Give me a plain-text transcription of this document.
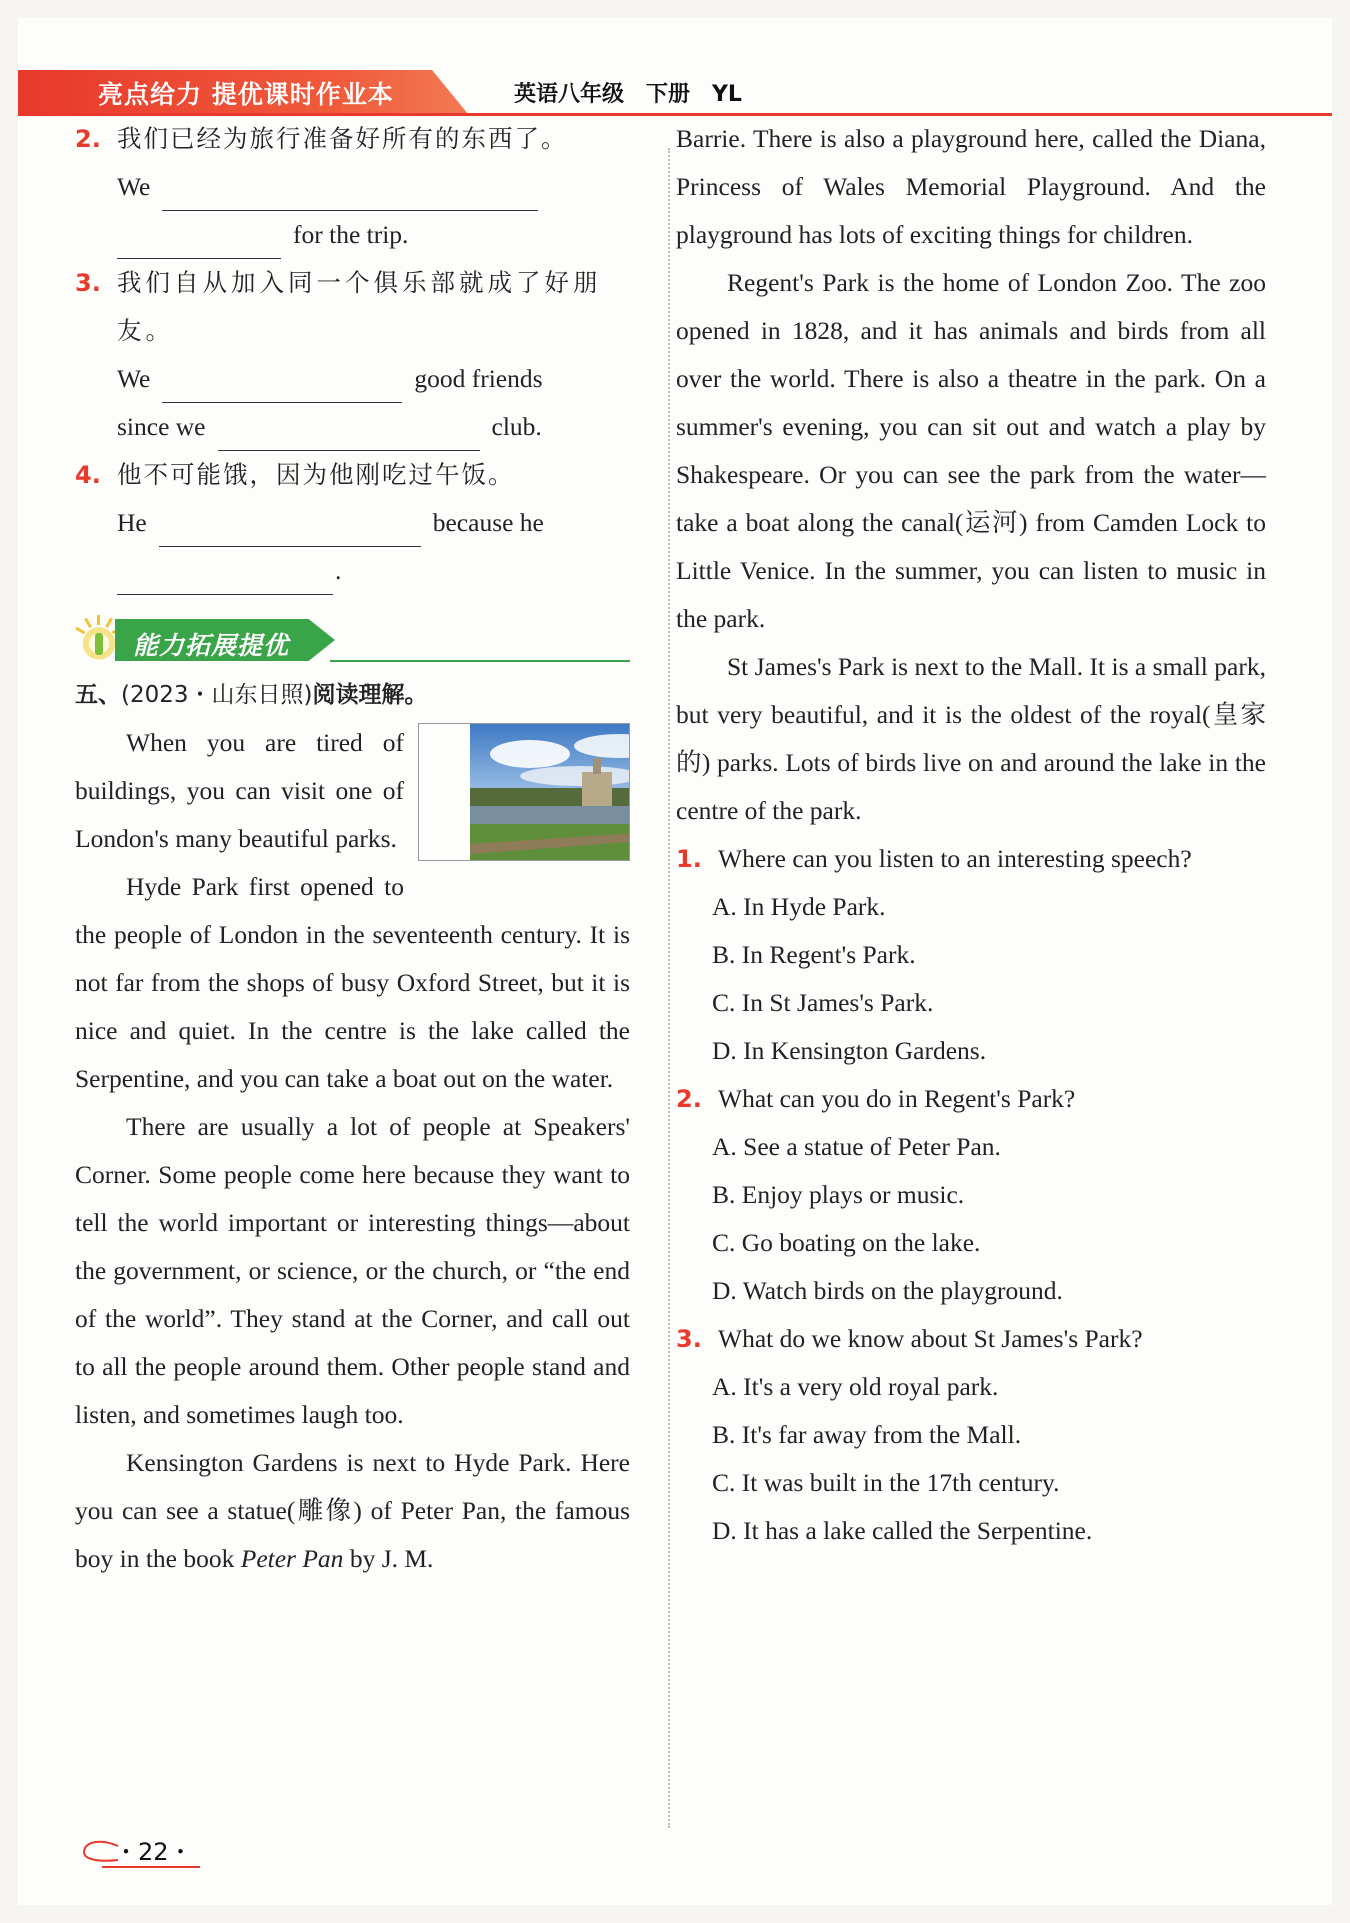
亮点给力 提优课时作业本	英语八年级　下册　YL
2. 我们已经为旅行准备好所有的东西了。
We
for the trip.
3. 我们自从加入同一个俱乐部就成了好朋友。
We	good friends
since we	club.
4. 他不可能饿，因为他刚吃过午饭。
He	because he
.
能力拓展提优
五、(2023・山东日照)阅读理解。
When you are tired of buildings, you can visit one of London's many beautiful parks.
Hyde Park first opened to the people of London in the seventeenth century. It is not far from the shops of busy Oxford Street, but it is nice and quiet. In the centre is the lake called the Serpentine, and you can take a boat out on the water.
There are usually a lot of people at Speakers' Corner. Some people come here because they want to tell the world important or interesting things—about the government, or science, or the church, or “the end of the world”. They stand at the Corner, and call out to all the people around them. Other people stand and listen, and sometimes laugh too.
Kensington Gardens is next to Hyde Park. Here you can see a statue(雕像) of Peter Pan, the famous boy in the book Peter Pan by J. M.
Barrie. There is also a playground here, called the Diana, Princess of Wales Memorial Playground. And the playground has lots of exciting things for children.
Regent's Park is the home of London Zoo. The zoo opened in 1828, and it has animals and birds from all over the world. There is also a theatre in the park. On a summer's evening, you can sit out and watch a play by Shakespeare. Or you can see the park from the water—take a boat along the canal(运河) from Camden Lock to Little Venice. In the summer, you can listen to music in the park.
St James's Park is next to the Mall. It is a small park, but very beautiful, and it is the oldest of the royal(皇家的) parks. Lots of birds live on and around the lake in the centre of the park.
1. Where can you listen to an interesting speech?
A. In Hyde Park.
B. In Regent's Park.
C. In St James's Park.
D. In Kensington Gardens.
2. What can you do in Regent's Park?
A. See a statue of Peter Pan.
B. Enjoy plays or music.
C. Go boating on the lake.
D. Watch birds on the playground.
3. What do we know about St James's Park?
A. It's a very old royal park.
B. It's far away from the Mall.
C. It was built in the 17th century.
D. It has a lake called the Serpentine.
・22・
